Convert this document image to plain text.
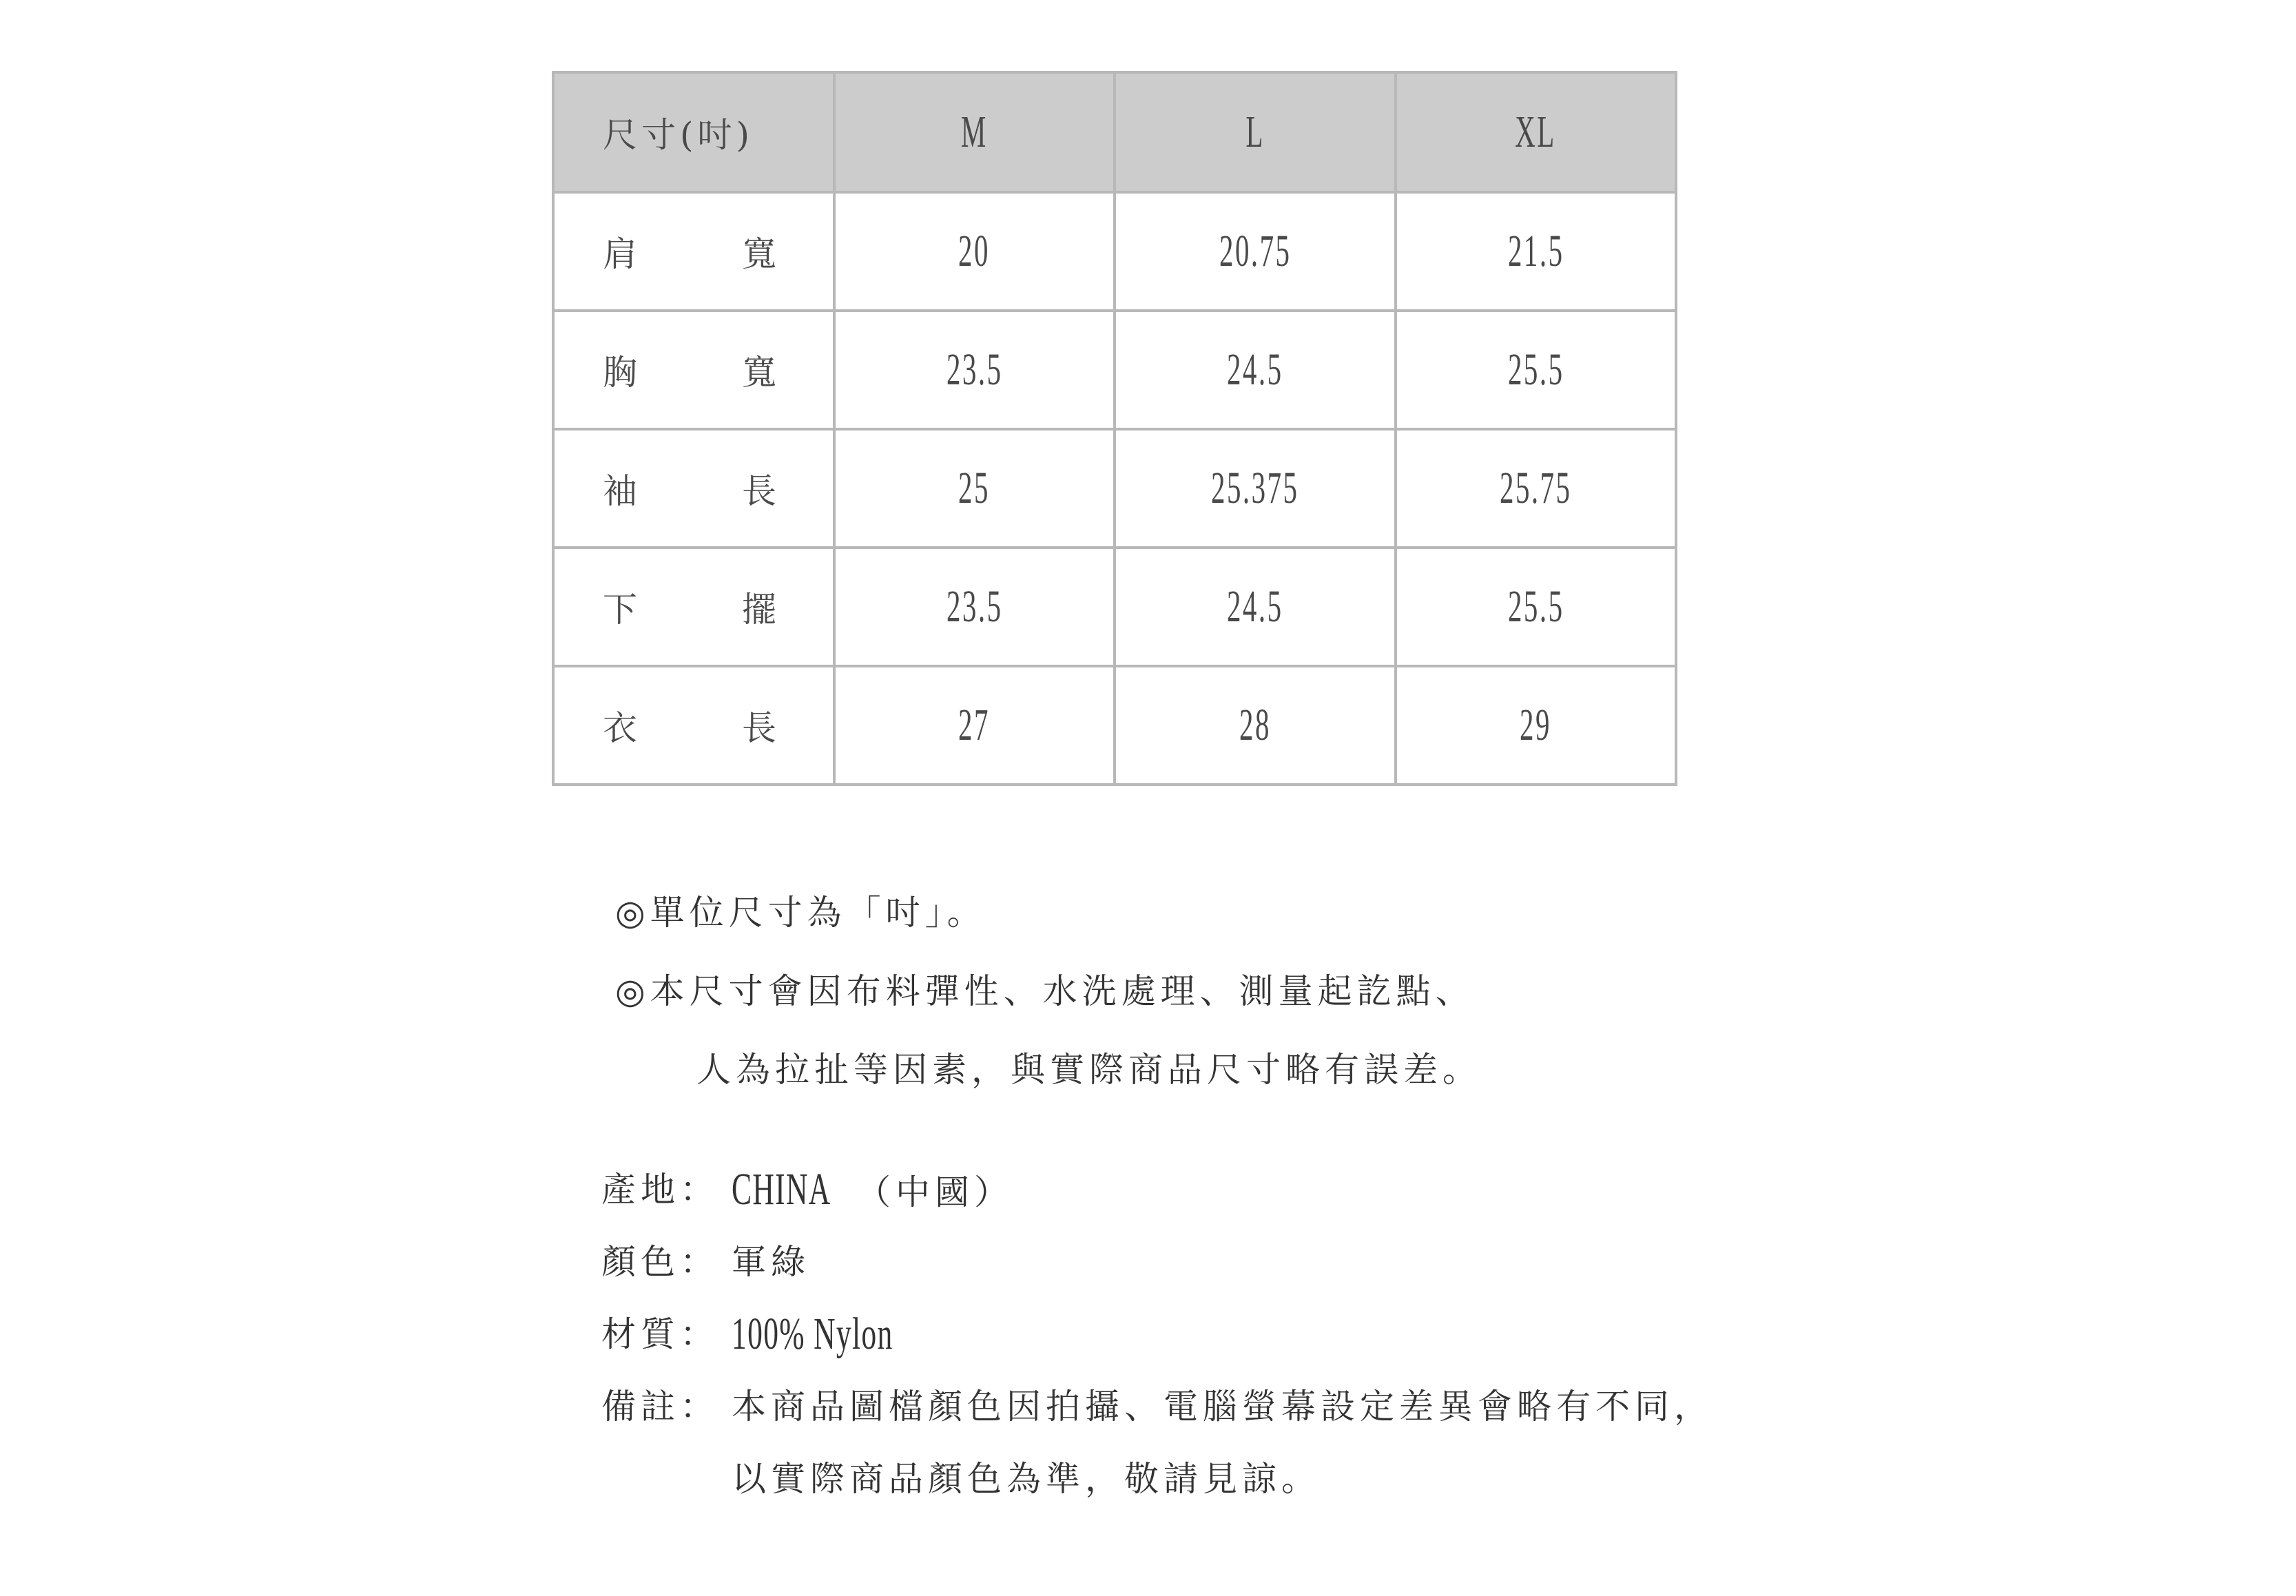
尺寸(吋)	M	L	XL

肩 寬	20	20.75	21.5

胸 寬	23.5	24.5	25.5

袖 長	25	25.375	25.75

下 擺	23.5	24.5	25.5

衣 長	27	28	29
◎單位尺寸為「吋」。
◎本尺寸會因布料彈性、水洗處理、測量起訖點、
人為拉扯等因素，與實際商品尺寸略有誤差。
產地： CHINA （中國）
顏色： 軍綠
材質： 100% Nylon
備註： 本商品圖檔顏色因拍攝、電腦螢幕設定差異會略有不同，
以實際商品顏色為準，敬請見諒。
